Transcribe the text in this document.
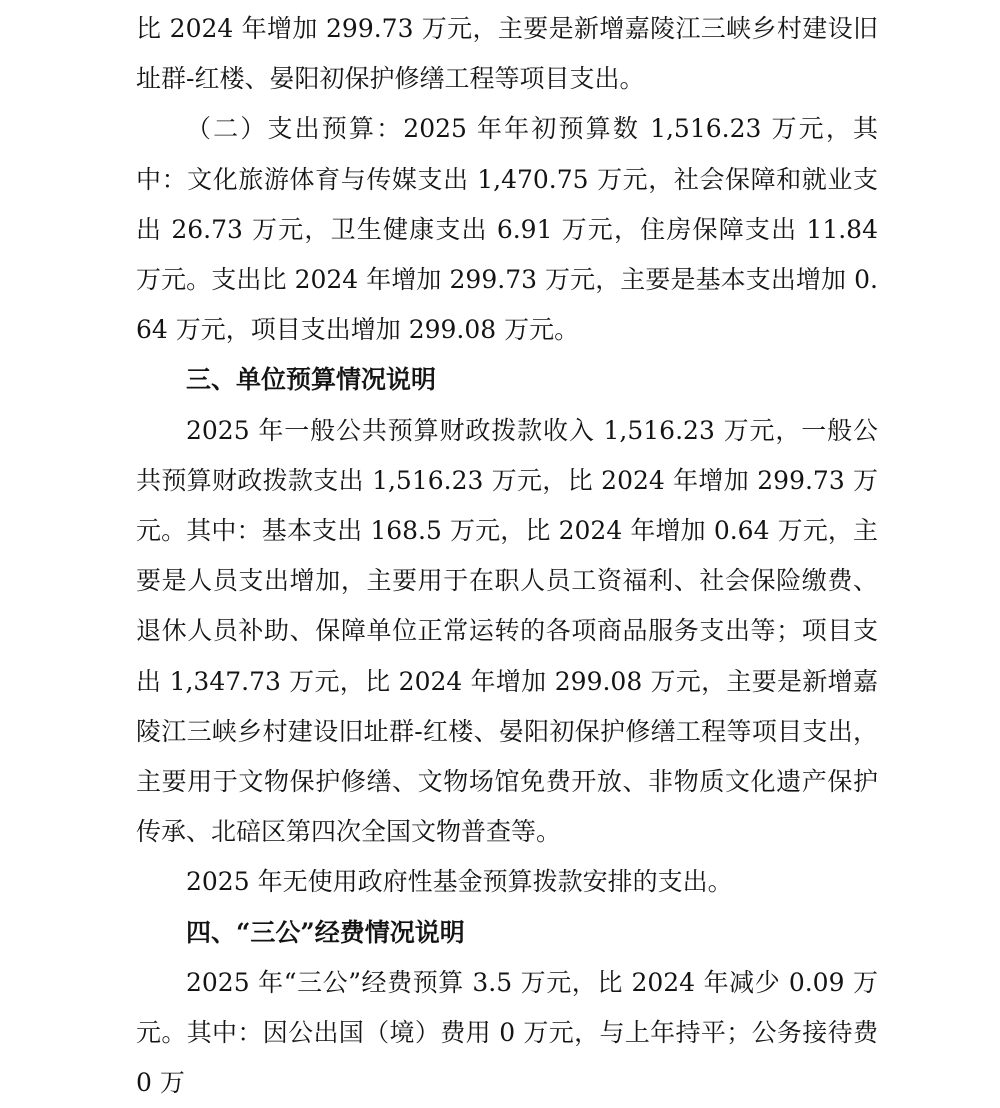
比 2024 年增加 299.73 万元，主要是新增嘉陵江三峡乡村建设旧址群-红楼、晏阳初保护修缮工程等项目支出。

（二）支出预算：2025 年年初预算数 1,516.23 万元，其中：文化旅游体育与传媒支出 1,470.75 万元，社会保障和就业支出 26.73 万元，卫生健康支出 6.91 万元，住房保障支出 11.84 万元。支出比 2024 年增加 299.73 万元，主要是基本支出增加 0.64 万元，项目支出增加 299.08 万元。

三、单位预算情况说明

2025 年一般公共预算财政拨款收入 1,516.23 万元，一般公共预算财政拨款支出 1,516.23 万元，比 2024 年增加 299.73 万元。其中：基本支出 168.5 万元，比 2024 年增加 0.64 万元，主要是人员支出增加，主要用于在职人员工资福利、社会保险缴费、退休人员补助、保障单位正常运转的各项商品服务支出等；项目支出 1,347.73 万元，比 2024 年增加 299.08 万元，主要是新增嘉陵江三峡乡村建设旧址群-红楼、晏阳初保护修缮工程等项目支出，主要用于文物保护修缮、文物场馆免费开放、非物质文化遗产保护传承、北碚区第四次全国文物普查等。

2025 年无使用政府性基金预算拨款安排的支出。

四、“三公”经费情况说明

2025 年“三公”经费预算 3.5 万元，比 2024 年减少 0.09 万元。其中：因公出国（境）费用 0 万元，与上年持平；公务接待费 0 万
